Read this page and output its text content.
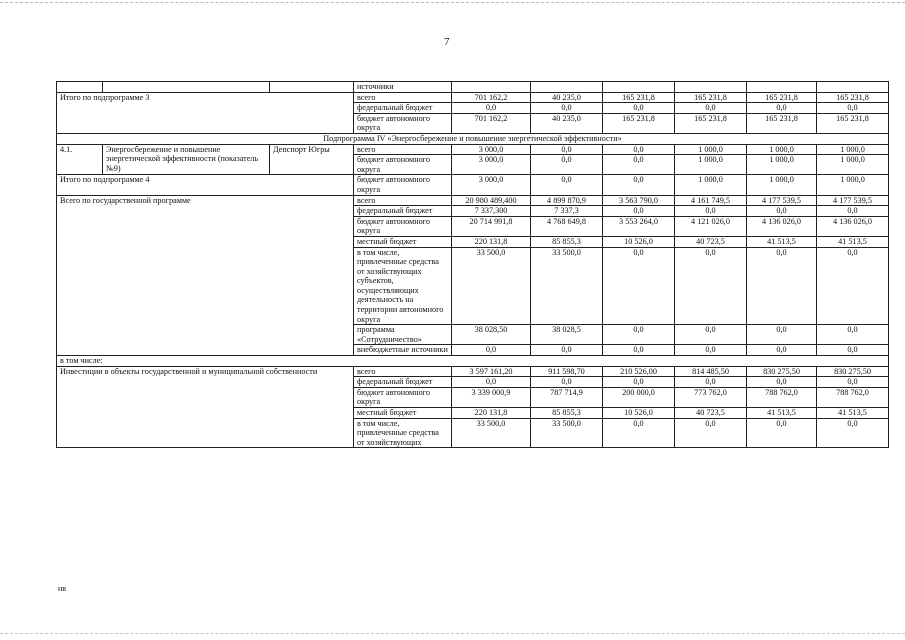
7
			источники						
Итого по подпрограмме 3			всего	701 162,2	40 235,0	165 231,8	165 231,8	165 231,8	165 231,8
			федеральный бюджет	0,0	0,0	0,0	0,0	0,0	0,0
			бюджет автономного округа	701 162,2	40 235,0	165 231,8	165 231,8	165 231,8	165 231,8
Подпрограмма IV «Энергосбережение и повышение энергетической эффективности»									
4.1.	Энергосбережение и повышение энергетической эффективности (показатель №9)	Депспорт Югры	всего	3 000,0	0,0	0,0	1 000,0	1 000,0	1 000,0
			бюджет автономного округа	3 000,0	0,0	0,0	1 000,0	1 000,0	1 000,0
Итого по подпрограмме 4			бюджет автономного округа	3 000,0	0,0	0,0	1 000,0	1 000,0	1 000,0
Всего по государственной программе			всего	20 980 489,400	4 899 870,9	3 563 790,0	4 161 749,5	4 177 539,5	4 177 539,5
			федеральный бюджет	7 337,300	7 337,3	0,0	0,0	0,0	0,0
			бюджет автономного округа	20 714 991,8	4 768 649,8	3 553 264,0	4 121 026,0	4 136 026,0	4 136 026,0
			местный бюджет	220 131,8	85 855,3	10 526,0	40 723,5	41 513,5	41 513,5
			в том числе, привлеченные средства от хозяйствующих субъектов, осуществляющих деятельность на территории автономного округа	33 500,0	33 500,0	0,0	0,0	0,0	0,0
			программа «Сотрудничество»	38 028,50	38 028,5	0,0	0,0	0,0	0,0
			внебюджетные источники	0,0	0,0	0,0	0,0	0,0	0,0
в том числе:									
Инвестиции в объекты государственной и муниципальной собственности			всего	3 597 161,20	911 598,70	210 526,00	814 485,50	830 275,50	830 275,50
			федеральный бюджет	0,0	0,0	0,0	0,0	0,0	0,0
			бюджет автономного округа	3 339 000,9	787 714,9	200 000,0	773 762,0	788 762,0	788 762,0
			местный бюджет	220 131,8	85 855,3	10 526,0	40 723,5	41 513,5	41 513,5
			в том числе, привлеченные средства от хозяйствующих	33 500,0	33 500,0	0,0	0,0	0,0	0,0
нв
